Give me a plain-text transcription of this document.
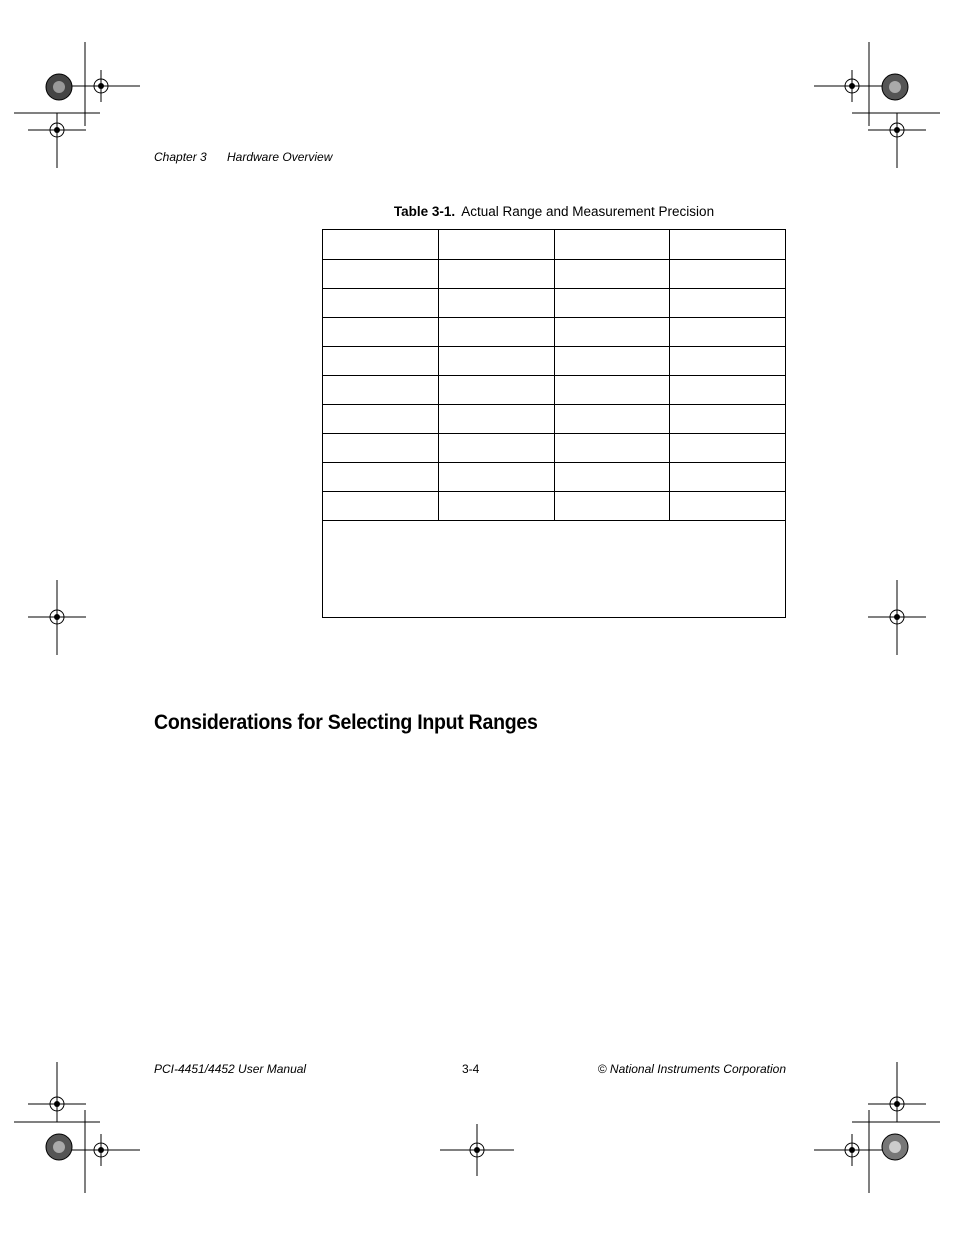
Chapter 3 Hardware Overview
Table 3-1. Actual Range and Measurement Precision

Considerations for Selecting Input Ranges
PCI-4451/4452 User Manual	3-4	© National Instruments Corporation
